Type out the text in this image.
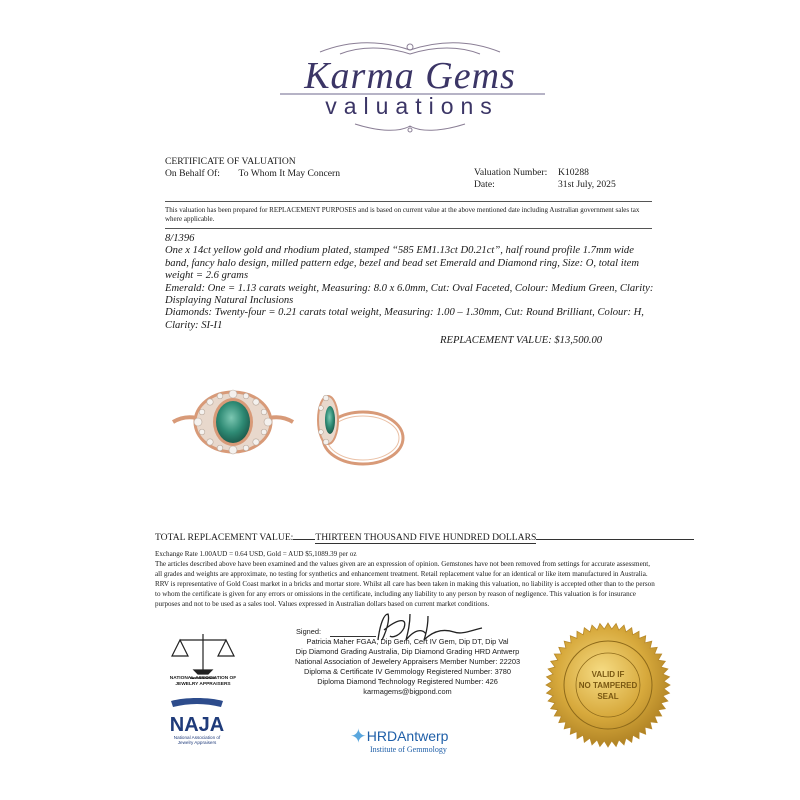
Karma Gems
valuations
CERTIFICATE OF VALUATION
On Behalf Of: To Whom It May Concern	Valuation Number: K10288
Date:	31st July, 2025
This valuation has been prepared for REPLACEMENT PURPOSES and is based on current value at the above mentioned date including Australian government sales tax where applicable.
8/1396
One x 14ct yellow gold and rhodium plated, stamped “585 EM1.13ct D0.21ct”, half round profile 1.7mm wide band, fancy halo design, milled pattern edge, bezel and bead set Emerald and Diamond ring, Size: O, total item weight = 2.6 grams
Emerald: One = 1.13 carats weight, Measuring: 8.0 x 6.0mm, Cut: Oval Faceted, Colour: Medium Green, Clarity: Displaying Natural Inclusions
Diamonds: Twenty-four = 0.21 carats total weight, Measuring: 1.00 – 1.30mm, Cut: Round Brilliant, Colour: H, Clarity: SI-I1
REPLACEMENT VALUE: $13,500.00
TOTAL REPLACEMENT VALUE: THIRTEEN THOUSAND FIVE HUNDRED DOLLARS
Exchange Rate 1.00AUD = 0.64 USD, Gold = AUD $5,1089.39 per oz
The articles described above have been examined and the values given are an expression of opinion. Gemstones have not been removed from settings for accurate assessment, all grades and weights are approximate, no testing for synthetics and enhancement treatment. Retail replacement value for an identical or like item manufactured in Australia. RRV is representative of Gold Coast market in a bricks and mortar store. Whilst all care has been taken in making this valuation, no liability is accepted other than to the person to whom the certificate is given for any errors or omissions in the certificate, including any liability to any person by reason of negligence. This valuation is for insurance purposes and not to be used as a sales tool. Values expressed in Australian dollars based on current market conditions.
Signed:
Patricia Maher FGAA, Dip Gem, Cert IV Gem, Dip DT, Dip Val
Dip Diamond Grading Australia, Dip Diamond Grading HRD Antwerp
National Association of Jewelery Appraisers Member Number: 22203
Diploma & Certificate IV Gemmology Registered Number: 3780
Diploma Diamond Technology Registered Number: 426
karmagems@bigpond.com
NATIONAL ASSOCIATION OF JEWELRY APPRAISERS
NAJA
National Association of
Jewelry Appraisers	✦HRDAntwerp
Institute of Gemmology
VALID IF
NO TAMPERED
SEAL
